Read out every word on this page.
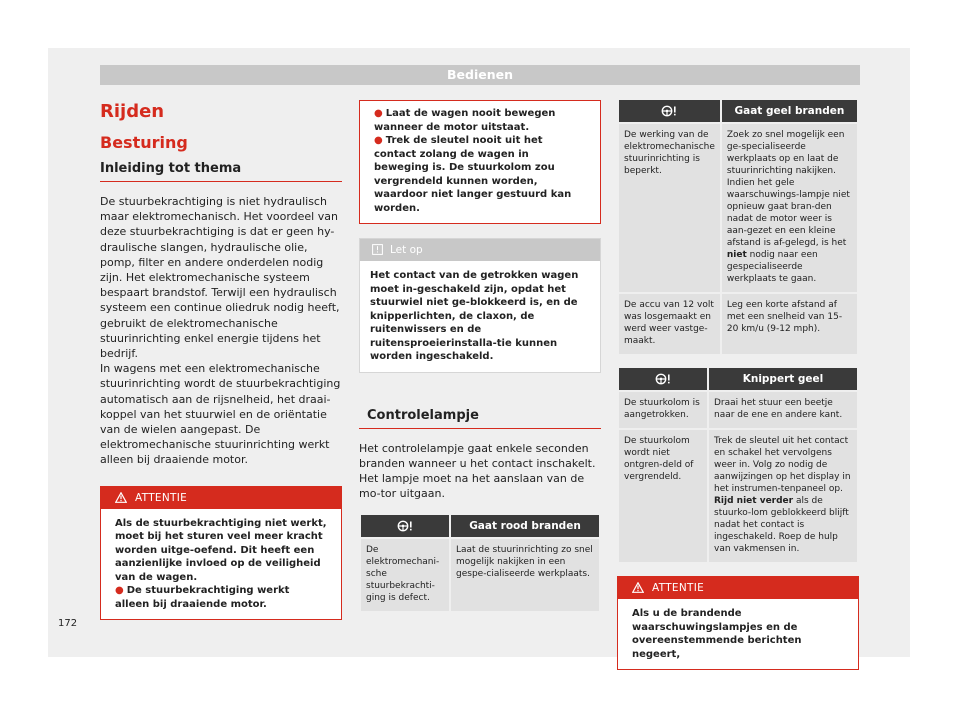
Bedienen
Rijden
Besturing
Inleiding tot thema

De stuurbekrachtiging is niet hydraulisch maar elektromechanisch. Het voordeel van deze stuurbekrachtiging is dat er geen hy-draulische slangen, hydraulische olie, pomp, filter en andere onderdelen nodig zijn. Het elektromechanische systeem bespaart brandstof. Terwijl een hydraulisch systeem een continue oliedruk nodig heeft, gebruikt de elektromechanische stuurinrichting enkel energie tijdens het bedrijf.

In wagens met een elektromechanische stuurinrichting wordt de stuurbekrachtiging automatisch aan de rijsnelheid, het draai-koppel van het stuurwiel en de oriëntatie van de wielen aangepast. De elektromechanische stuurinrichting werkt alleen bij draaiende motor.

ATTENTIE
Als de stuurbekrachtiging niet werkt, moet bij het sturen veel meer kracht worden uitge-oefend. Dit heeft een aanzienlijke invloed op de veiligheid van de wagen.
● De stuurbekrachtiging werkt alleen bij draaiende motor.
● Laat de wagen nooit bewegen wanneer de motor uitstaat.
● Trek de sleutel nooit uit het contact zolang de wagen in beweging is. De stuurkolom zou vergrendeld kunnen worden, waardoor niet langer gestuurd kan worden.
Let op
Het contact van de getrokken wagen moet in-geschakeld zijn, opdat het stuurwiel niet ge-blokkeerd is, en de knipperlichten, de claxon, de ruitenwissers en de ruitensproeierinstalla-tie kunnen worden ingeschakeld.
Controlelampje
Het controlelampje gaat enkele seconden branden wanneer u het contact inschakelt. Het lampje moet na het aanslaan van de mo-tor uitgaan.
	Gaat rood branden
De elektromechani-sche stuurbekrachti-ging is defect.	Laat de stuurinrichting zo snel mogelijk nakijken in een gespe-cialiseerde werkplaats.
	Gaat geel branden
De werking van de elektromechanische stuurinrichting is beperkt.	Zoek zo snel mogelijk een ge-specialiseerde werkplaats op en laat de stuurinrichting nakijken. Indien het gele waarschuwings-lampje niet opnieuw gaat bran-den nadat de motor weer is aan-gezet en een kleine afstand is af-gelegd, is het niet nodig naar een gespecialiseerde werkplaats te gaan.
De accu van 12 volt was losgemaakt en werd weer vastge-maakt.	Leg een korte afstand af met een snelheid van 15-20 km/u (9-12 mph).
	Knippert geel
De stuurkolom is aangetrokken.	Draai het stuur een beetje naar de ene en andere kant.
De stuurkolom wordt niet ontgren-deld of vergrendeld.	Trek de sleutel uit het contact en schakel het vervolgens weer in. Volg zo nodig de aanwijzingen op het display in het instrumen-tenpaneel op.
Rijd niet verder als de stuurko-lom geblokkeerd blijft nadat het contact is ingeschakeld. Roep de hulp van vakmensen in.
ATTENTIE
Als u de brandende waarschuwingslampjes en de overeenstemmende berichten negeert,
172
